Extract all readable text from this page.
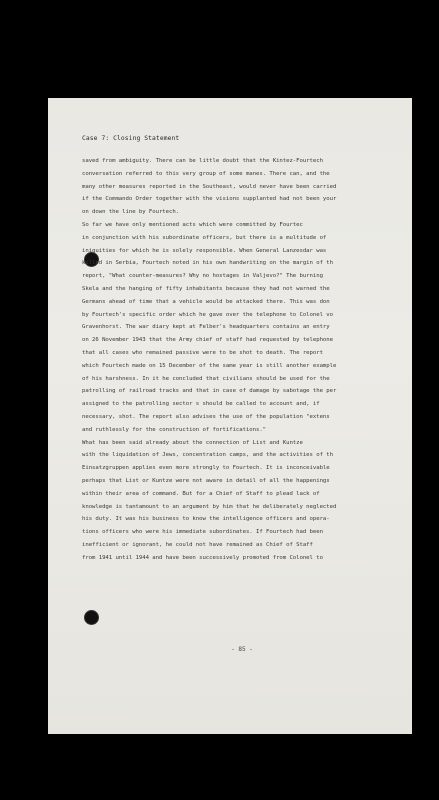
Case 7: Closing Statement
saved from ambiguity. There can be little doubt that the Kintez-Fourtech
conversation referred to this very group of some manes. There can, and the
many other measures reported in the Southeast, would never have been carried
if the Commando Order together with the visions supplanted had not been your
on down the line by Fourtech.
So far we have only mentioned acts which were committed by Fourtec
in conjunction with his subordinate officers, but there is a multitude of
iniquities for which he is solely responsible. When General Lanzesdar was
killed in Serbia, Fourtech noted in his own handwriting on the margin of th
report, "What counter-measures? Why no hostages in Valjevo?" The burning
Skela and the hanging of fifty inhabitants because they had not warned the
Germans ahead of time that a vehicle would be attacked there. This was don
by Fourtech's specific order which he gave over the telephone to Colonel vo
Gravenhorst. The war diary kept at Felber's headquarters contains an entry
on 26 November 1943 that the Army chief of staff had requested by telephone
that all cases who remained passive were to be shot to death. The report
which Fourtech made on 15 December of the same year is still another example
of his harshness. In it he concluded that civilians should be used for the
patrolling of railroad tracks and that in case of damage by sabotage the per
assigned to the patrolling sector s should be called to account and, if
necessary, shot. The report also advises the use of the population "extens
and ruthlessly for the construction of fortifications."
What has been said already about the connection of List and Kuntze
with the liquidation of Jews, concentration camps, and the activities of th
Einsatzgruppen applies even more strongly to Fourtech. It is inconceivable
perhaps that List or Kuntze were not aware in detail of all the happenings
within their area of command. But for a Chief of Staff to plead lack of
knowledge is tantamount to an argument by him that he deliberately neglected
his duty. It was his business to know the intelligence officers and opera-
tions officers who were his immediate subordinates. If Fourtech had been
inefficient or ignorant, he could not have remained as Chief of Staff
from 1941 until 1944 and have been successively promoted from Colonel to
- 85 -
